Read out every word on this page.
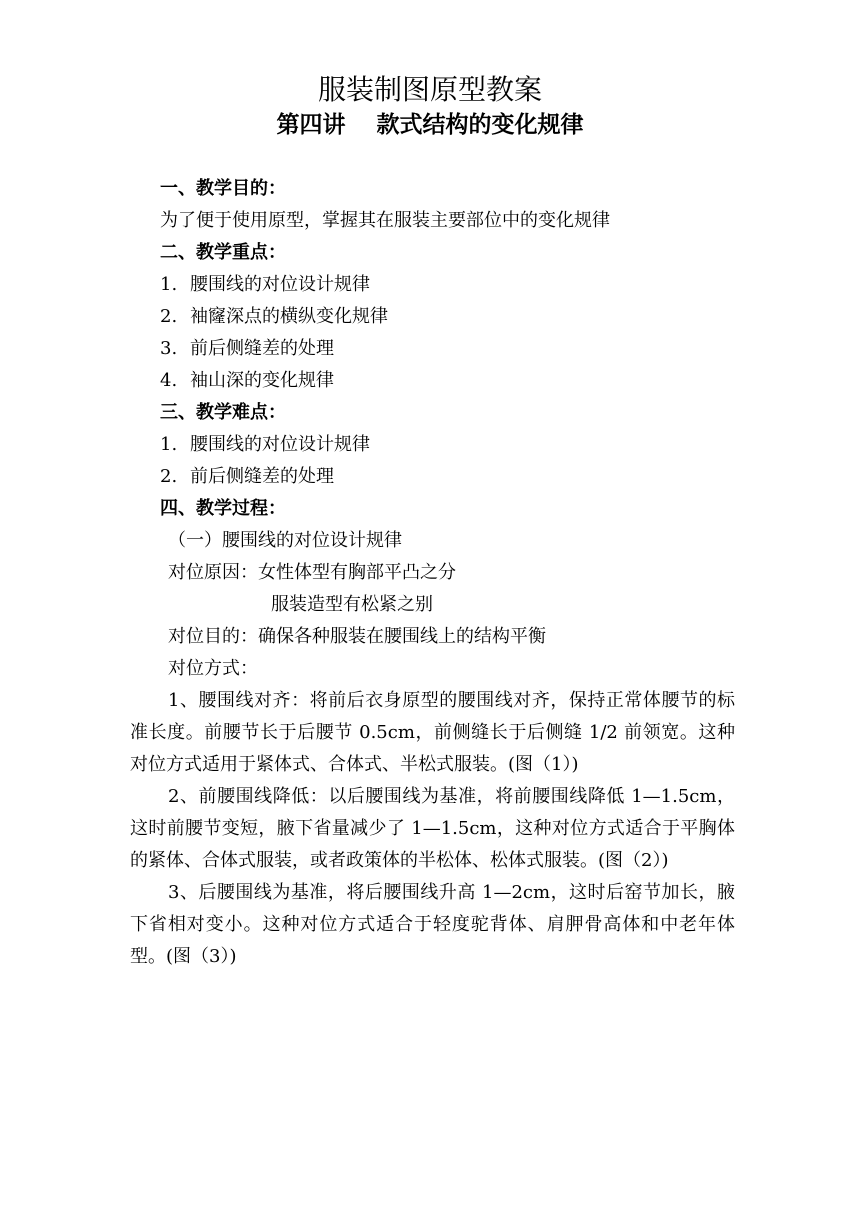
服装制图原型教案
第四讲　 款式结构的变化规律
一、教学目的：
为了便于使用原型，掌握其在服装主要部位中的变化规律
二、教学重点：
1. 腰围线的对位设计规律
2. 袖窿深点的横纵变化规律
3. 前后侧缝差的处理
4. 袖山深的变化规律
三、教学难点：
1. 腰围线的对位设计规律
2. 前后侧缝差的处理
四、教学过程：
（一）腰围线的对位设计规律
对位原因：女性体型有胸部平凸之分
服装造型有松紧之别
对位目的：确保各种服装在腰围线上的结构平衡
对位方式：

1、腰围线对齐：将前后衣身原型的腰围线对齐，保持正常体腰节的标准长度。前腰节长于后腰节 0.5cm，前侧缝长于后侧缝 1/2 前领宽。这种对位方式适用于紧体式、合体式、半松式服装。(图（1）)

2、前腰围线降低：以后腰围线为基准，将前腰围线降低 1—1.5cm，这时前腰节变短，腋下省量减少了 1—1.5cm，这种对位方式适合于平胸体的紧体、合体式服装，或者政策体的半松体、松体式服装。(图（2）)

3、后腰围线为基准，将后腰围线升高 1—2cm，这时后窑节加长，腋下省相对变小。这种对位方式适合于轻度驼背体、肩胛骨高体和中老年体型。(图（3）)
